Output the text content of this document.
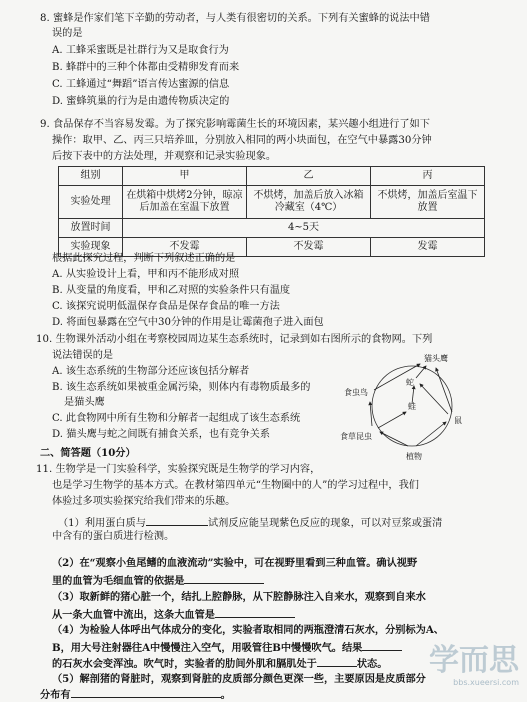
8. 蜜蜂是作家们笔下辛勤的劳动者，与人类有很密切的关系。下列有关蜜蜂的说法中错
误的是
A. 工蜂采蜜既是社群行为又是取食行为
B. 蜂群中的三种个体都由受精卵发育而来
C. 工蜂通过“舞蹈”语言传达蜜源的信息
D. 蜜蜂筑巢的行为是由遗传物质决定的
9. 食品保存不当容易发霉。为了探究影响霉菌生长的环境因素，某兴趣小组进行了如下
操作：取甲、乙、丙三只培养皿，分别放入相同的两小块面包，在空气中暴露30分钟
后按下表中的方法处理，并观察和记录实验现象。
组别	甲	乙	丙
实验处理	在烘箱中烘烤2分钟，晾凉后加盖在室温下放置	不烘烤，加盖后放入冰箱冷藏室（4℃）	不烘烤，加盖后室温下放置
放置时间	4~5天		
实验现象	不发霉	不发霉	发霉
根据此探究过程，判断下列叙述正确的是
A. 从实验设计上看，甲和丙不能形成对照
B. 从变量的角度看，甲和乙对照的实验条件只有温度
C. 该探究说明低温保存食品是保存食品的唯一方法
D. 将面包暴露在空气中30分钟的作用是让霉菌孢子进入面包
10. 生物课外活动小组在考察校园周边某生态系统时，记录到如右图所示的食物网。下列
说法错误的是
A. 该生态系统的生物部分还应该包括分解者
B. 该生态系统如果被重金属污染，则体内有毒物质最多的
是猫头鹰
C. 此食物网中所有生物和分解者一起组成了该生态系统
D. 猫头鹰与蛇之间既有捕食关系，也有竞争关系
猫头鹰
蛇
食虫鸟
蛙
鼠
食草昆虫
植物
二、简答题（10分）
11. 生物学是一门实验科学，实验探究既是生物学的学习内容，
也是学习生物学的基本方式。在教材第四单元“生物圈中的人”的学习过程中，我们
体验过多项实验探究给我们带来的乐趣。
（1）利用蛋白质与	试剂反应能呈现紫色反应的现象，可以对豆浆或蛋清
中含有的蛋白质进行检测。
（2）在“观察小鱼尾鳍的血液流动”实验中，可在视野里看到三种血管。确认视野
里的血管为毛细血管的依据是
（3）取新鲜的猪心脏一个，结扎上腔静脉，从下腔静脉注入自来水，观察到自来水
从一条大血管中流出，这条大血管是
（4）为检验人体呼出气体成分的变化，实验者取相同的两瓶澄清石灰水，分别标为A、
B，用大号注射器往A中慢慢注入空气，用吸管往B中慢慢吹气。结果
的石灰水会变浑浊。吹气时，实验者的肋间外肌和膈肌处于	状态。
（5）解剖猪的肾脏时，观察到肾脏的皮质部分颜色更深一些，主要原因是皮质部分
分布有	。
学而思
bbs.xueersi.com
